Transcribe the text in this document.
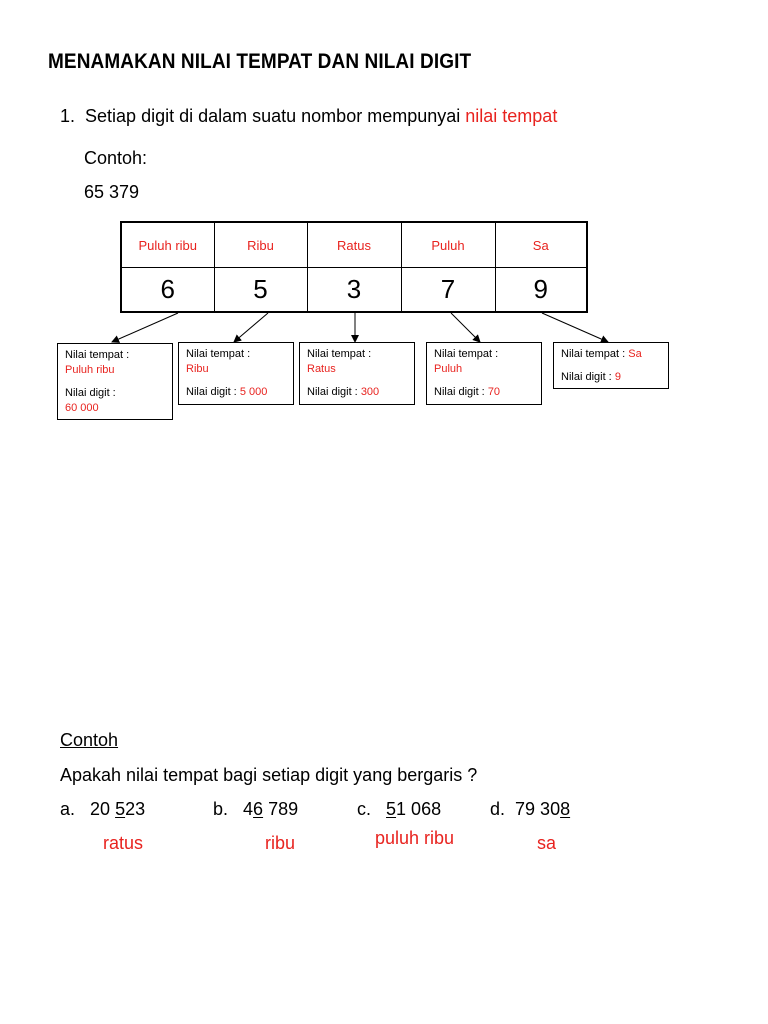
MENAMAKAN NILAI TEMPAT DAN NILAI DIGIT
1. Setiap digit di dalam suatu nombor mempunyai nilai tempat
Contoh:
65 379
Puluh ribu	Ribu	Ratus	Puluh	Sa
6	5	3	7	9
Nilai tempat :
Puluh ribu
Nilai digit :
60 000
Nilai tempat :
Ribu
Nilai digit : 5 000
Nilai tempat :
Ratus
Nilai digit : 300
Nilai tempat :
Puluh
Nilai digit : 70
Nilai tempat : Sa
Nilai digit : 9
Contoh
Apakah nilai tempat bagi setiap digit yang bergaris ?
a. 20 523	b. 46 789	c. 51 068	d. 79 308
ratus	ribu	puluh ribu	sa
